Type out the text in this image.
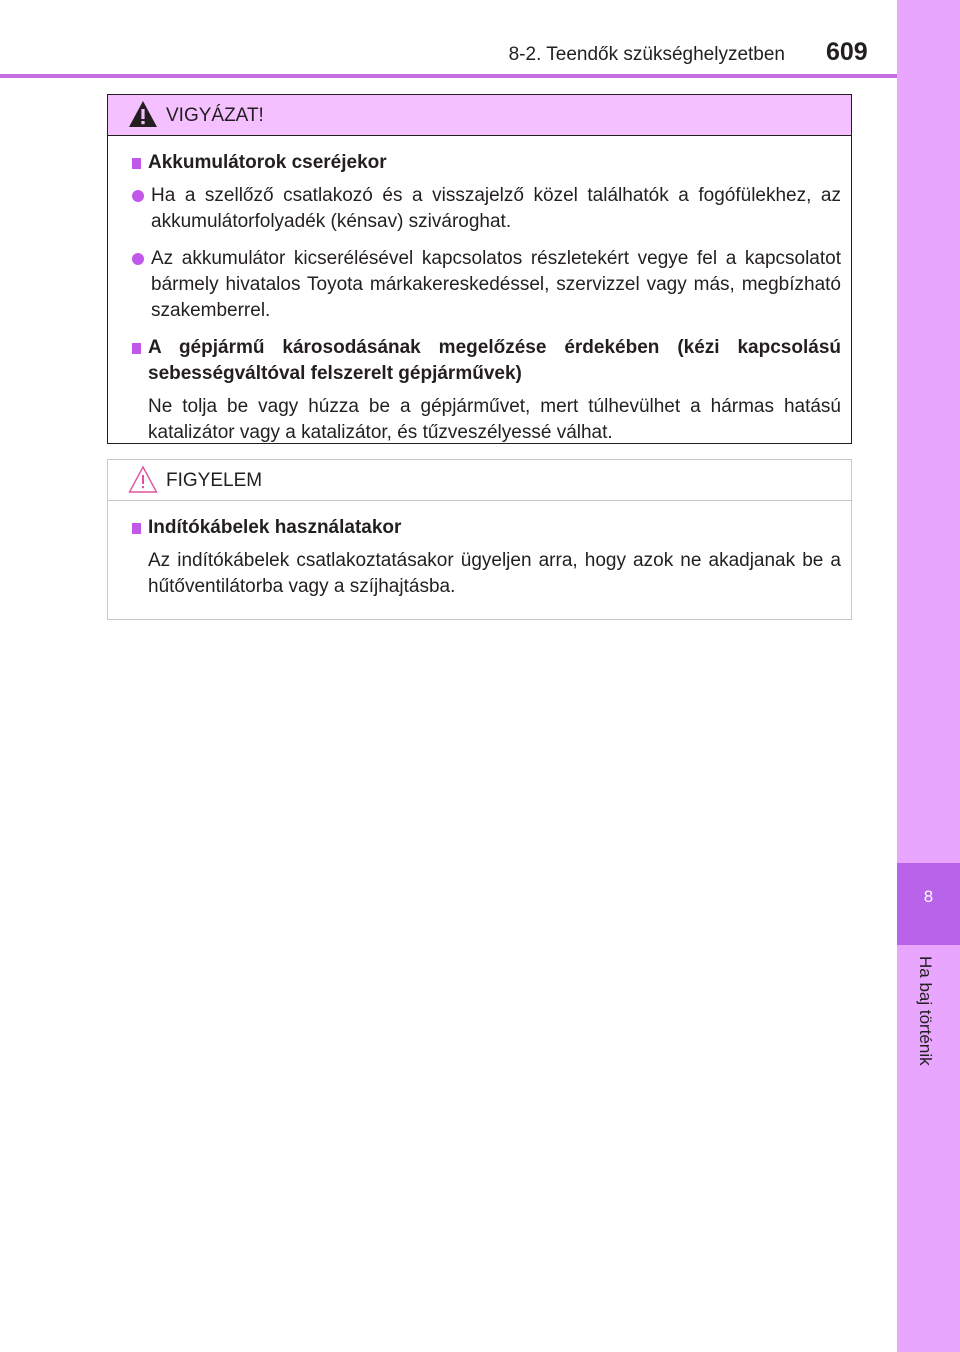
8-2. Teendők szükséghelyzetben 609
8
Ha baj történik
VIGYÁZAT!
Akkumulátorok cseréjekor
Ha a szellőző csatlakozó és a visszajelző közel találhatók a fogófülekhez, az akkumulátorfolyadék (kénsav) szivároghat.
Az akkumulátor kicserélésével kapcsolatos részletekért vegye fel a kapcsolatot bármely hivatalos Toyota márkakereskedéssel, szervizzel vagy más, megbízható szakemberrel.
A gépjármű károsodásának megelőzése érdekében (kézi kapcsolású sebességváltóval felszerelt gépjárművek)
Ne tolja be vagy húzza be a gépjárművet, mert túlhevülhet a hármas hatású katalizátor vagy a katalizátor, és tűzveszélyessé válhat.
FIGYELEM
Indítókábelek használatakor
Az indítókábelek csatlakoztatásakor ügyeljen arra, hogy azok ne akadjanak be a hűtőventilátorba vagy a szíjhajtásba.
